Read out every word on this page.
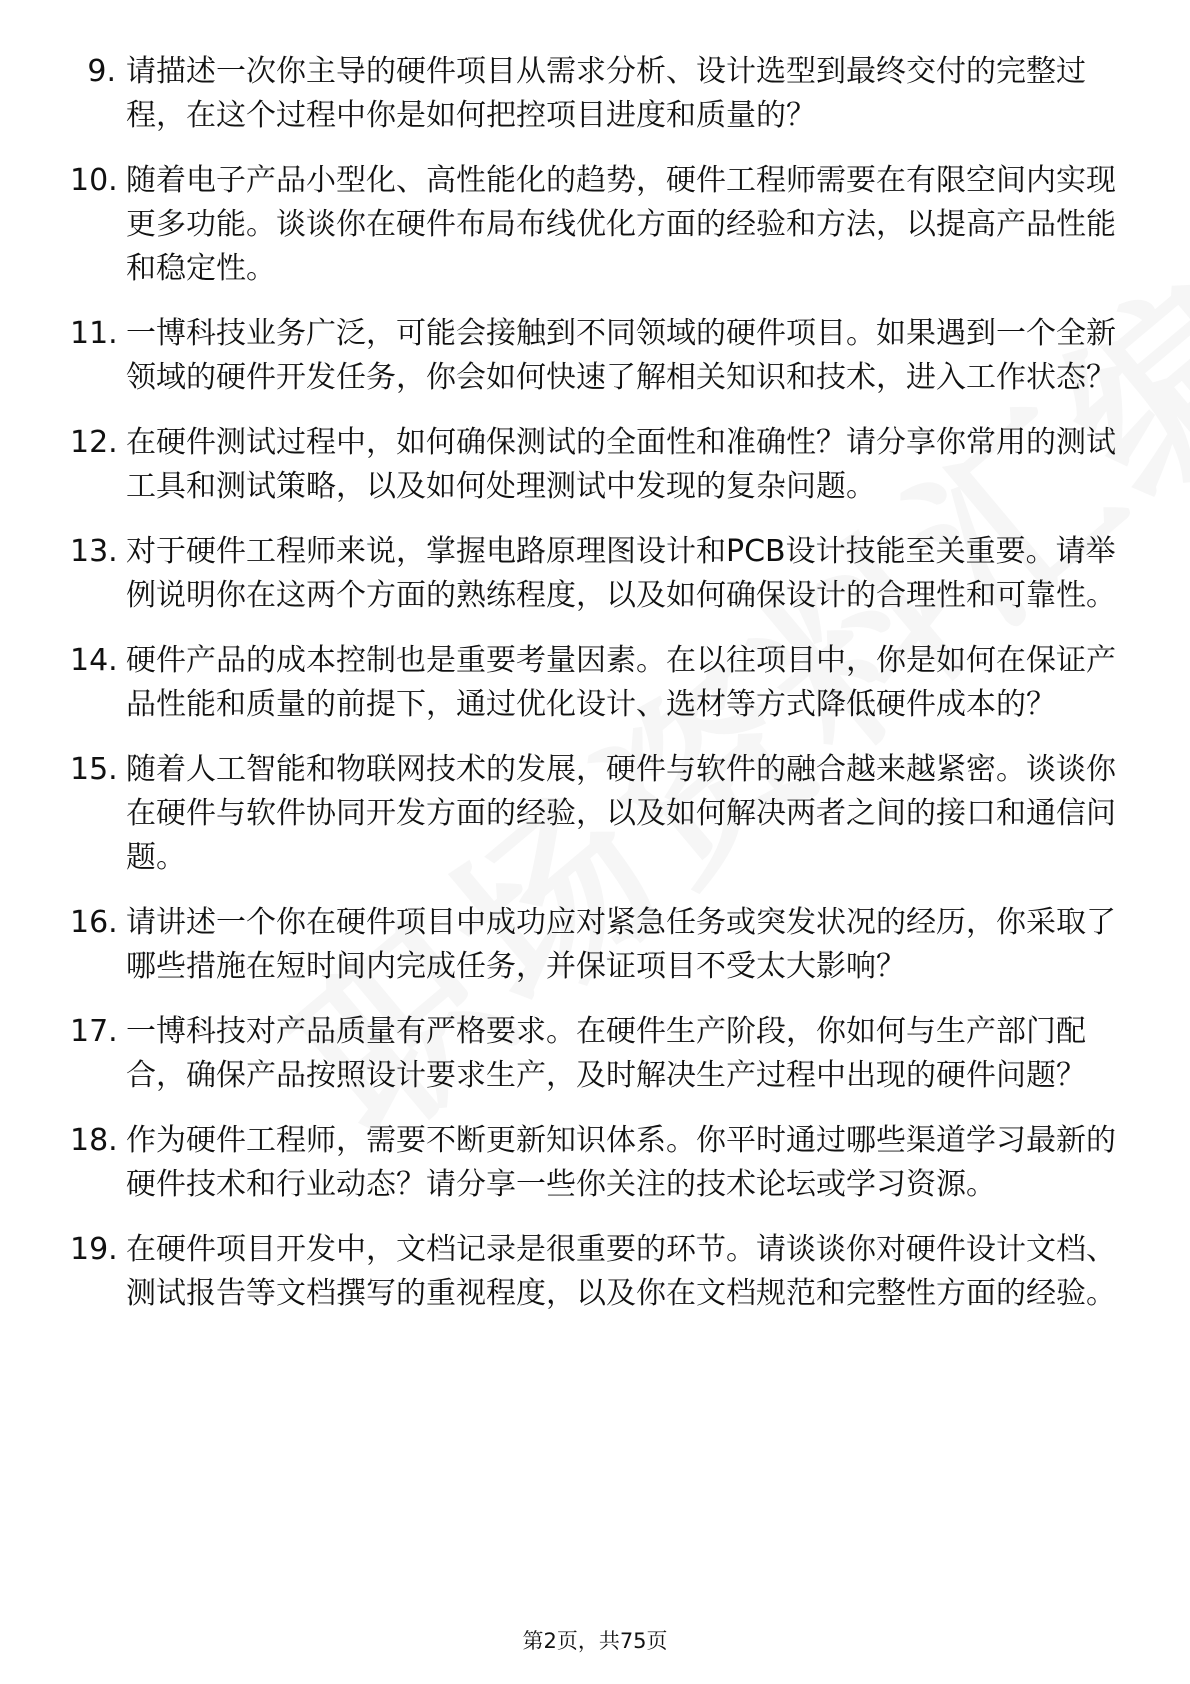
9. 请描述一次你主导的硬件项目从需求分析、设计选型到最终交付的完整过程，在这个过程中你是如何把控项目进度和质量的？

10. 随着电子产品小型化、高性能化的趋势，硬件工程师需要在有限空间内实现更多功能。谈谈你在硬件布局布线优化方面的经验和方法，以提高产品性能和稳定性。

11. 一博科技业务广泛，可能会接触到不同领域的硬件项目。如果遇到一个全新领域的硬件开发任务，你会如何快速了解相关知识和技术，进入工作状态？

12. 在硬件测试过程中，如何确保测试的全面性和准确性？请分享你常用的测试工具和测试策略，以及如何处理测试中发现的复杂问题。

13. 对于硬件工程师来说，掌握电路原理图设计和PCB设计技能至关重要。请举例说明你在这两个方面的熟练程度，以及如何确保设计的合理性和可靠性。

14. 硬件产品的成本控制也是重要考量因素。在以往项目中，你是如何在保证产品性能和质量的前提下，通过优化设计、选材等方式降低硬件成本的？

15. 随着人工智能和物联网技术的发展，硬件与软件的融合越来越紧密。谈谈你在硬件与软件协同开发方面的经验，以及如何解决两者之间的接口和通信问题。

16. 请讲述一个你在硬件项目中成功应对紧急任务或突发状况的经历，你采取了哪些措施在短时间内完成任务，并保证项目不受太大影响？

17. 一博科技对产品质量有严格要求。在硬件生产阶段，你如何与生产部门配合，确保产品按照设计要求生产，及时解决生产过程中出现的硬件问题？

18. 作为硬件工程师，需要不断更新知识体系。你平时通过哪些渠道学习最新的硬件技术和行业动态？请分享一些你关注的技术论坛或学习资源。

19. 在硬件项目开发中，文档记录是很重要的环节。请谈谈你对硬件设计文档、测试报告等文档撰写的重视程度，以及你在文档规范和完整性方面的经验。

第2页，共75页
